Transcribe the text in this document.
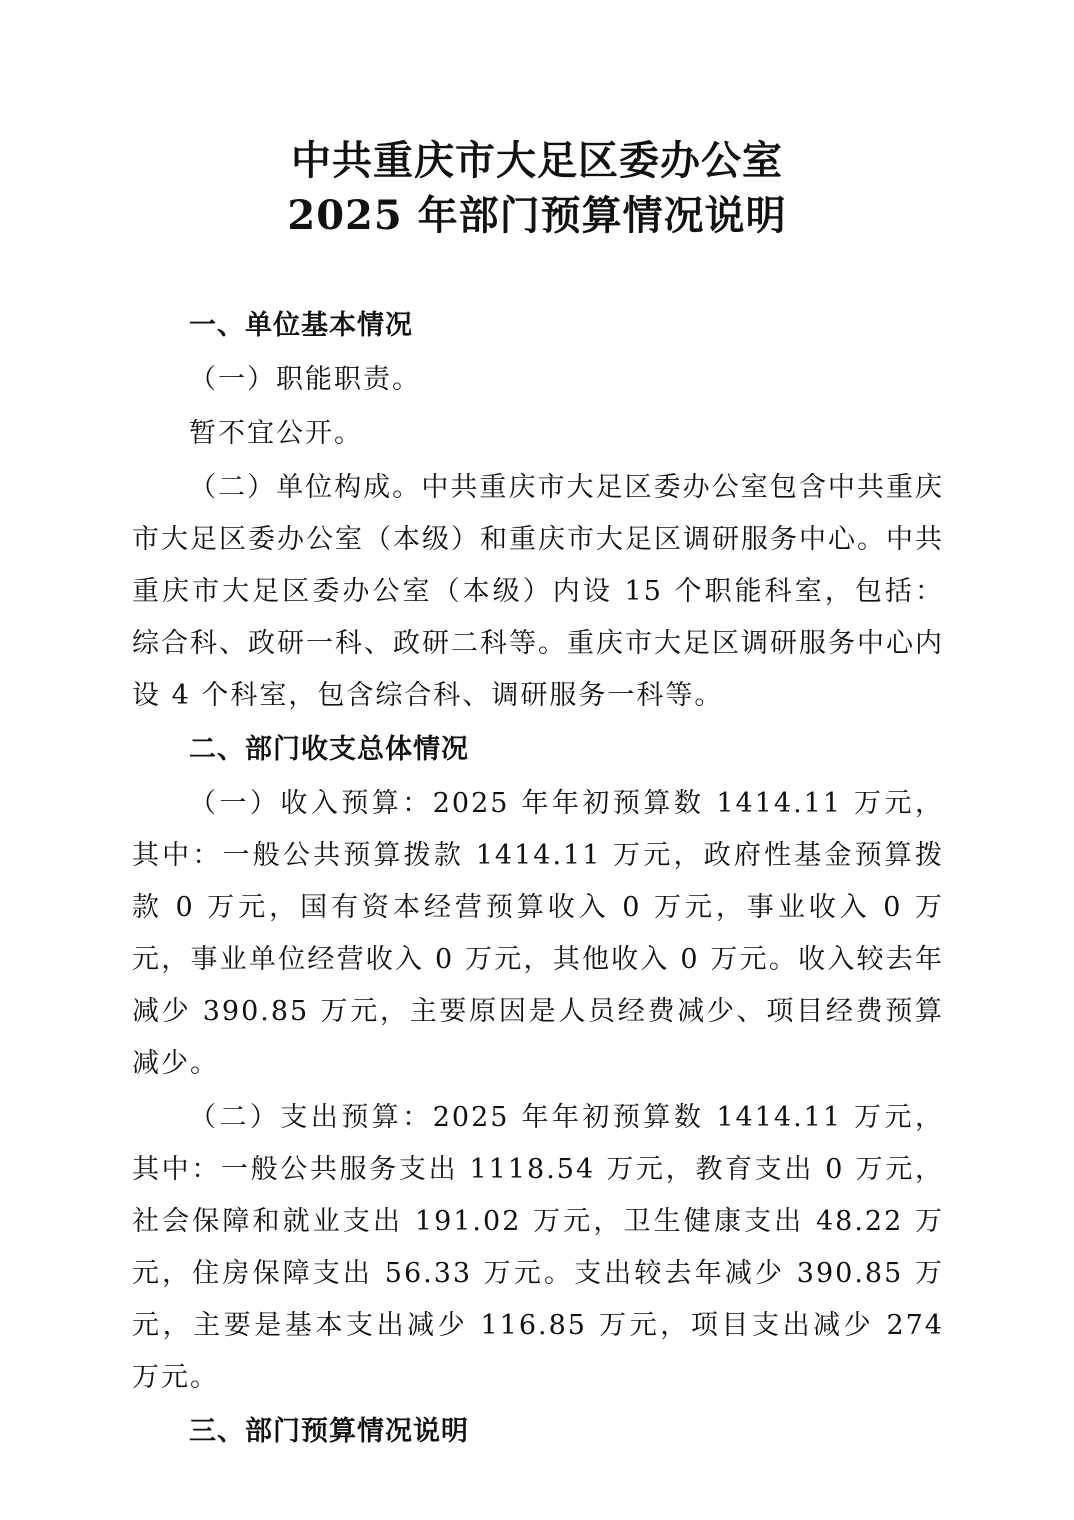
中共重庆市大足区委办公室
2025 年部门预算情况说明

一、单位基本情况

（一）职能职责。

暂不宜公开。

（二）单位构成。中共重庆市大足区委办公室包含中共重庆市大足区委办公室（本级）和重庆市大足区调研服务中心。中共重庆市大足区委办公室（本级）内设 15 个职能科室，包括：综合科、政研一科、政研二科等。重庆市大足区调研服务中心内设 4 个科室，包含综合科、调研服务一科等。

二、部门收支总体情况

（一）收入预算：2025 年年初预算数 1414.11 万元，其中：一般公共预算拨款 1414.11 万元，政府性基金预算拨款 0 万元，国有资本经营预算收入 0 万元，事业收入 0 万元，事业单位经营收入 0 万元，其他收入 0 万元。收入较去年减少 390.85 万元，主要原因是人员经费减少、项目经费预算减少。

（二）支出预算：2025 年年初预算数 1414.11 万元，其中：一般公共服务支出 1118.54 万元，教育支出 0 万元，社会保障和就业支出 191.02 万元，卫生健康支出 48.22 万元，住房保障支出 56.33 万元。支出较去年减少 390.85 万元，主要是基本支出减少 116.85 万元，项目支出减少 274 万元。

三、部门预算情况说明
